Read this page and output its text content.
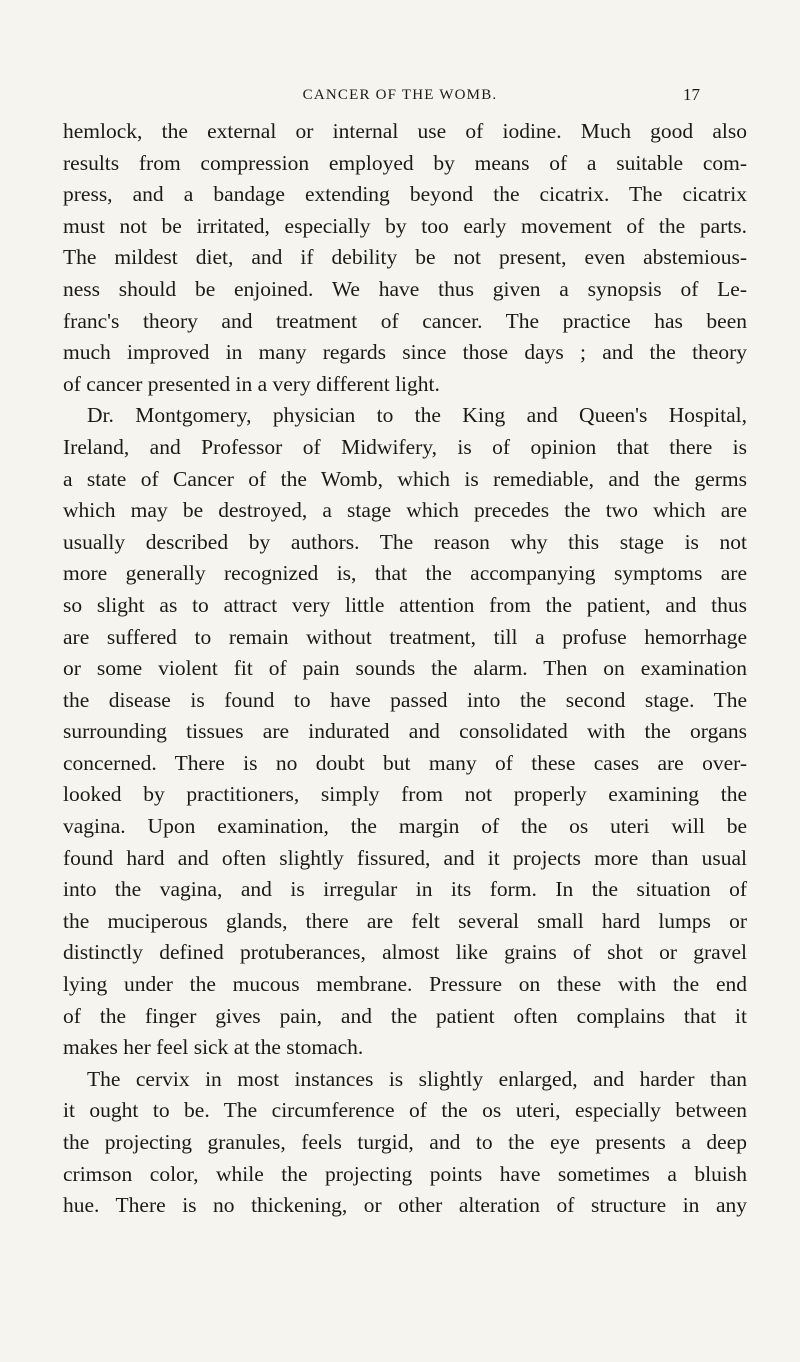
CANCER OF THE WOMB.	17
hemlock, the external or internal use of iodine. Much good also
results from compression employed by means of a suitable com-
press, and a bandage extending beyond the cicatrix. The cicatrix
must not be irritated, especially by too early movement of the parts.
The mildest diet, and if debility be not present, even abstemious-
ness should be enjoined. We have thus given a synopsis of Le-
franc's theory and treatment of cancer. The practice has been
much improved in many regards since those days ; and the theory
of cancer presented in a very different light.
Dr. Montgomery, physician to the King and Queen's Hospital,
Ireland, and Professor of Midwifery, is of opinion that there is
a state of Cancer of the Womb, which is remediable, and the germs
which may be destroyed, a stage which precedes the two which are
usually described by authors. The reason why this stage is not
more generally recognized is, that the accompanying symptoms are
so slight as to attract very little attention from the patient, and thus
are suffered to remain without treatment, till a profuse hemorrhage
or some violent fit of pain sounds the alarm. Then on examination
the disease is found to have passed into the second stage. The
surrounding tissues are indurated and consolidated with the organs
concerned. There is no doubt but many of these cases are over-
looked by practitioners, simply from not properly examining the
vagina. Upon examination, the margin of the os uteri will be
found hard and often slightly fissured, and it projects more than usual
into the vagina, and is irregular in its form. In the situation of
the muciperous glands, there are felt several small hard lumps or
distinctly defined protuberances, almost like grains of shot or gravel
lying under the mucous membrane. Pressure on these with the end
of the finger gives pain, and the patient often complains that it
makes her feel sick at the stomach.
The cervix in most instances is slightly enlarged, and harder than
it ought to be. The circumference of the os uteri, especially between
the projecting granules, feels turgid, and to the eye presents a deep
crimson color, while the projecting points have sometimes a bluish
hue. There is no thickening, or other alteration of structure in any
